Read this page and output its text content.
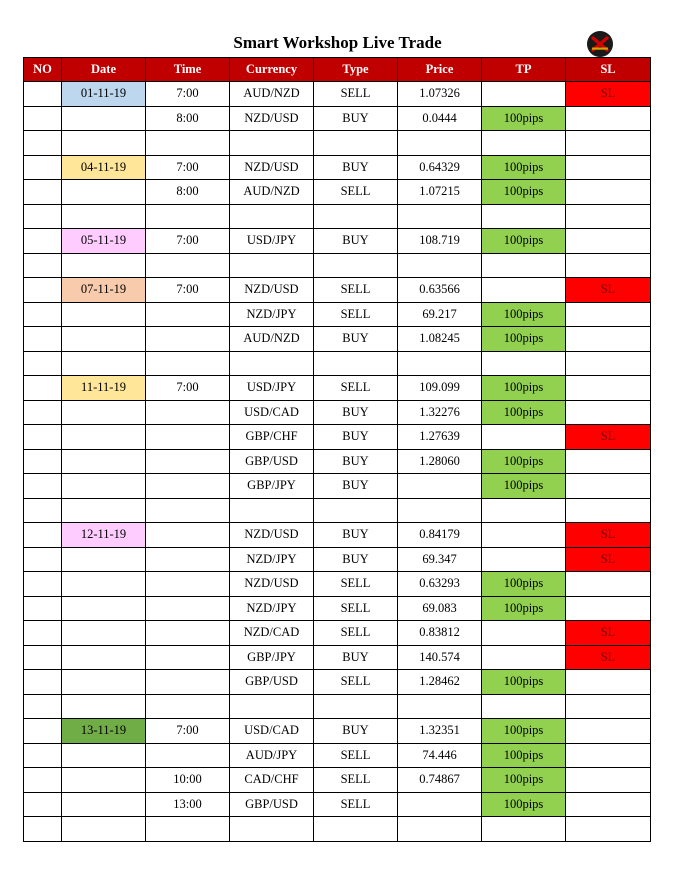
Smart Workshop Live Trade
NO	Date	Time	Currency	Type	Price	TP	SL
	01-11-19	7:00	AUD/NZD	SELL	1.07326		SL
		8:00	NZD/USD	BUY	0.0444	100pips	

	04-11-19	7:00	NZD/USD	BUY	0.64329	100pips	
		8:00	AUD/NZD	SELL	1.07215	100pips	

	05-11-19	7:00	USD/JPY	BUY	108.719	100pips	

	07-11-19	7:00	NZD/USD	SELL	0.63566		SL
			NZD/JPY	SELL	69.217	100pips	
			AUD/NZD	BUY	1.08245	100pips	

	11-11-19	7:00	USD/JPY	SELL	109.099	100pips	
			USD/CAD	BUY	1.32276	100pips	
			GBP/CHF	BUY	1.27639		SL
			GBP/USD	BUY	1.28060	100pips	
			GBP/JPY	BUY		100pips	

	12-11-19		NZD/USD	BUY	0.84179		SL
			NZD/JPY	BUY	69.347		SL
			NZD/USD	SELL	0.63293	100pips	
			NZD/JPY	SELL	69.083	100pips	
			NZD/CAD	SELL	0.83812		SL
			GBP/JPY	BUY	140.574		SL
			GBP/USD	SELL	1.28462	100pips	

	13-11-19	7:00	USD/CAD	BUY	1.32351	100pips	
			AUD/JPY	SELL	74.446	100pips	
		10:00	CAD/CHF	SELL	0.74867	100pips	
		13:00	GBP/USD	SELL		100pips	
